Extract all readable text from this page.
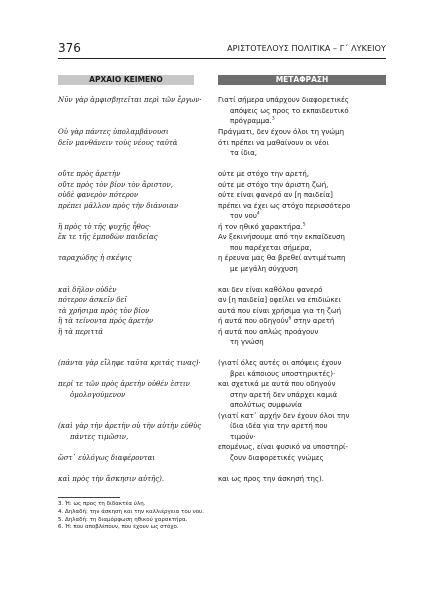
376	ΑΡΙΣΤΟΤΕΛΟΥΣ ΠΟΛΙΤΙΚΑ – Γ΄ ΛΥΚΕΙΟΥ
ΑΡΧΑΙΟ ΚΕΙΜΕΝΟ	ΜΕΤΑΦΡΑΣΗ
Νῦν γὰρ ἀμφισβητεῖται περὶ τῶν ἔργων·
Οὐ γὰρ πάντες ὑπολαμβάνουσι
δεῖν μανθάνειν τοὺς νέους ταὐτὰ
οὔτε πρὸς ἀρετὴν
οὔτε πρὸς τὸν βίον τὸν ἄριστον,
οὐδὲ φανερὸν πότερον
πρέπει μᾶλλον πρὸς τὴν διάνοιαν
ἢ πρὸς τὸ τῆς ψυχῆς ἦθος·
ἔκ τε τῆς ἐμποδὼν παιδείας
ταραχώδης ἡ σκέψις
καὶ δῆλον οὐδὲν
πότερον ἀσκεῖν δεῖ
τὰ χρήσιμα πρὸς τὸν βίον
ἢ τὰ τείνοντα πρὸς ἀρετὴν
ἢ τὰ περιττά
(πάντα γὰρ εἴληφε ταῦτα κριτάς τινας)·
περί τε τῶν πρὸς ἀρετὴν οὐθέν ἐστιν
ὁμολογούμενον
(καὶ γὰρ τὴν ἀρετὴν οὐ τὴν αὐτὴν εὐθὺς
πάντες τιμῶσιν,
ὥστ᾽ εὐλόγως διαφέρονται
καὶ πρὸς τὴν ἄσκησιν αὐτῆς).
Γιατί σήμερα υπάρχουν διαφορετικές
απόψεις ως προς το εκπαιδευτικό
πρόγραμμα.$^3$
Πράγματι, δεν έχουν όλοι τη γνώμη
ότι πρέπει να μαθαίνουν οι νέοι
τα ίδια,
ούτε με στόχο την αρετή,
ούτε με στόχο την άριστη ζωή,
ούτε είναι φανερό αν [η παιδεία]
πρέπει να έχει ως στόχο περισσότερο
τον νου$^4$
ή τον ηθικό χαρακτήρα.$^5$
Αν ξεκινήσουμε από την εκπαίδευση
που παρέχεται σήμερα,
η έρευνα μας θα βρεθεί αντιμέτωπη
με μεγάλη σύγχυση
και δεν είναι καθόλου φανερό
αν [η παιδεία] οφείλει να επιδιώκει
αυτά που είναι χρήσιμα για τη ζωή
ή αυτά που οδηγούν$^6$ στην αρετή
ή αυτά που απλώς προάγουν
τη γνώση
(γιατί όλες αυτές οι απόψεις έχουν
βρει κάποιους υποστηρικτές)·
και σχετικά με αυτά που οδηγούν
στην αρετή δεν υπάρχει καμιά
απολύτως συμφωνία
(γιατί κατ᾽ αρχήν δεν έχουν όλοι την
ίδια ιδέα για την αρετή που
τιμούν·
επομένως, είναι φυσικό να υποστηρί-
ζουν διαφορετικές γνώμες
και ως προς την άσκησή της).
3. Ή: ως προς τη διδακτέα ύλη.
4. Δηλαδή: την άσκηση και την καλλιέργεια του νου.
5. Δηλαδή: τη διαμόρφωση ηθικού χαρακτήρα.
6. Ή: που αποβλέπουν, που έχουν ως στόχο.
